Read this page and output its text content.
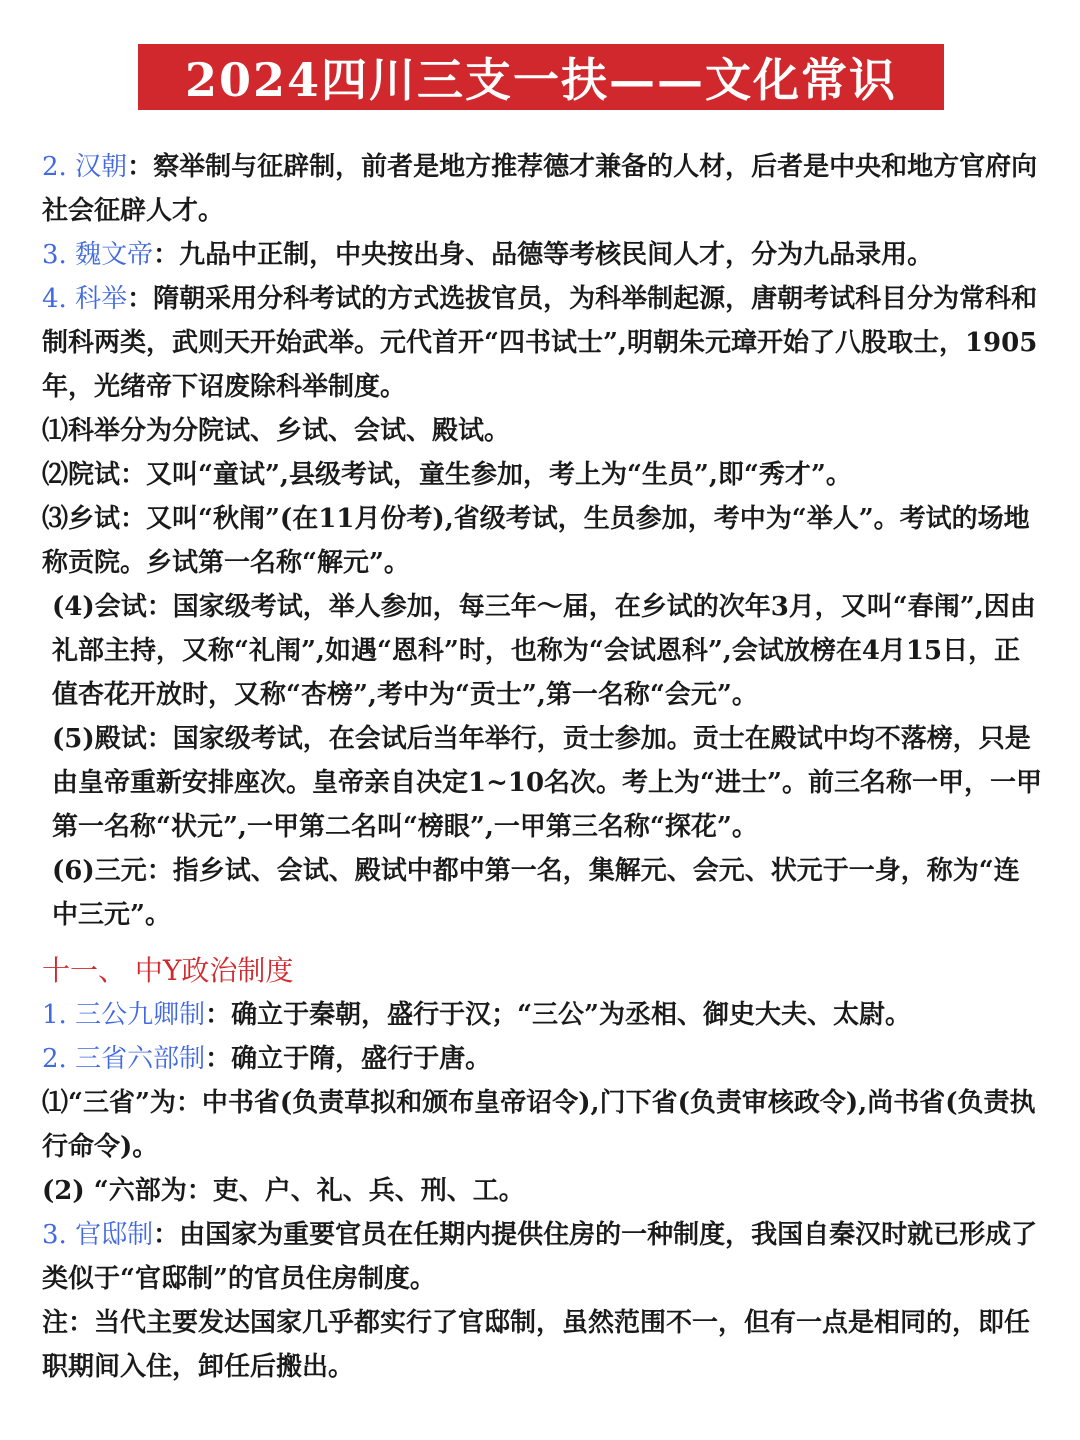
2024四川三支一扶——文化常识

2. 汉朝：察举制与征辟制，前者是地方推荐德才兼备的人材，后者是中央和地方官府向社会征辟人才。

3. 魏文帝：九品中正制，中央按出身、品德等考核民间人才，分为九品录用。

4. 科举：隋朝采用分科考试的方式选拔官员，为科举制起源，唐朝考试科目分为常科和制科两类，武则天开始武举。元代首开“四书试士”,明朝朱元璋开始了八股取士，1905年，光绪帝下诏废除科举制度。

⑴科举分为分院试、乡试、会试、殿试。

⑵院试：又叫“童试”,县级考试，童生参加，考上为“生员”,即“秀才”。

⑶乡试：又叫“秋闱”(在11月份考),省级考试，生员参加，考中为“举人”。考试的场地称贡院。乡试第一名称“解元”。

(4)会试：国家级考试，举人参加，每三年～届，在乡试的次年3月，又叫“春闱”,因由礼部主持，又称“礼闱”,如遇“恩科”时，也称为“会试恩科”,会试放榜在4月15日，正值杏花开放时，又称“杏榜”,考中为“贡士”,第一名称“会元”。

(5)殿试：国家级考试，在会试后当年举行，贡士参加。贡士在殿试中均不落榜，只是由皇帝重新安排座次。皇帝亲自决定1~10名次。考上为“进士”。前三名称一甲，一甲第一名称“状元”,一甲第二名叫“榜眼”,一甲第三名称“探花”。

(6)三元：指乡试、会试、殿试中都中第一名，集解元、会元、状元于一身，称为“连中三元”。

十一、 中Y政治制度

1. 三公九卿制：确立于秦朝，盛行于汉；“三公”为丞相、御史大夫、太尉。

2. 三省六部制：确立于隋，盛行于唐。

⑴“三省”为：中书省(负责草拟和颁布皇帝诏令),门下省(负责审核政令),尚书省(负责执行命令)。

(2) “六部为：吏、户、礼、兵、刑、工。

3. 官邸制：由国家为重要官员在任期内提供住房的一种制度，我国自秦汉时就已形成了类似于“官邸制”的官员住房制度。

注：当代主要发达国家几乎都实行了官邸制，虽然范围不一，但有一点是相同的，即任职期间入住，卸任后搬出。
